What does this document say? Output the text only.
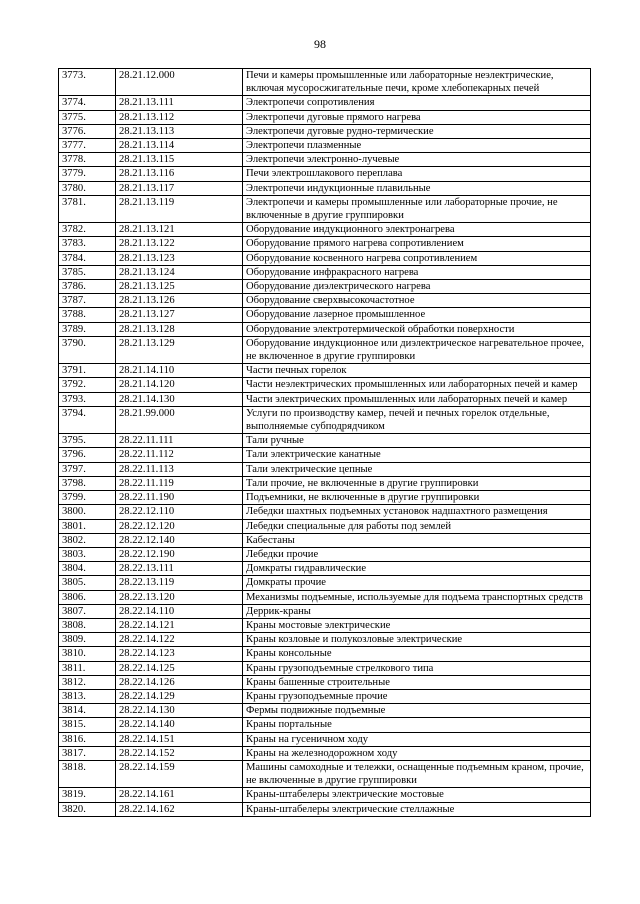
98
3773.	28.21.12.000	Печи и камеры промышленные или лабораторные неэлектрические, включая мусоросжигательные печи, кроме хлебопекарных печей
3774.	28.21.13.111	Электропечи сопротивления
3775.	28.21.13.112	Электропечи дуговые прямого нагрева
3776.	28.21.13.113	Электропечи дуговые рудно-термические
3777.	28.21.13.114	Электропечи плазменные
3778.	28.21.13.115	Электропечи электронно-лучевые
3779.	28.21.13.116	Печи электрошлакового переплава
3780.	28.21.13.117	Электропечи индукционные плавильные
3781.	28.21.13.119	Электропечи и камеры промышленные или лабораторные прочие, не включенные в другие группировки
3782.	28.21.13.121	Оборудование индукционного электронагрева
3783.	28.21.13.122	Оборудование прямого нагрева сопротивлением
3784.	28.21.13.123	Оборудование косвенного нагрева сопротивлением
3785.	28.21.13.124	Оборудование инфракрасного нагрева
3786.	28.21.13.125	Оборудование диэлектрического нагрева
3787.	28.21.13.126	Оборудование сверхвысокочастотное
3788.	28.21.13.127	Оборудование лазерное промышленное
3789.	28.21.13.128	Оборудование электротермической обработки поверхности
3790.	28.21.13.129	Оборудование индукционное или диэлектрическое нагревательное прочее, не включенное в другие группировки
3791.	28.21.14.110	Части печных горелок
3792.	28.21.14.120	Части неэлектрических промышленных или лабораторных печей и камер
3793.	28.21.14.130	Части электрических промышленных или лабораторных печей и камер
3794.	28.21.99.000	Услуги по производству камер, печей и печных горелок отдельные, выполняемые субподрядчиком
3795.	28.22.11.111	Тали ручные
3796.	28.22.11.112	Тали электрические канатные
3797.	28.22.11.113	Тали электрические цепные
3798.	28.22.11.119	Тали прочие, не включенные в другие группировки
3799.	28.22.11.190	Подъемники, не включенные в другие группировки
3800.	28.22.12.110	Лебедки шахтных подъемных установок надшахтного размещения
3801.	28.22.12.120	Лебедки специальные для работы под землей
3802.	28.22.12.140	Кабестаны
3803.	28.22.12.190	Лебедки прочие
3804.	28.22.13.111	Домкраты гидравлические
3805.	28.22.13.119	Домкраты прочие
3806.	28.22.13.120	Механизмы подъемные, используемые для подъема транспортных средств
3807.	28.22.14.110	Деррик-краны
3808.	28.22.14.121	Краны мостовые электрические
3809.	28.22.14.122	Краны козловые и полукозловые электрические
3810.	28.22.14.123	Краны консольные
3811.	28.22.14.125	Краны грузоподъемные стрелкового типа
3812.	28.22.14.126	Краны башенные строительные
3813.	28.22.14.129	Краны грузоподъемные прочие
3814.	28.22.14.130	Фермы подвижные подъемные
3815.	28.22.14.140	Краны портальные
3816.	28.22.14.151	Краны на гусеничном ходу
3817.	28.22.14.152	Краны на железнодорожном ходу
3818.	28.22.14.159	Машины самоходные и тележки, оснащенные подъемным краном, прочие, не включенные в другие группировки
3819.	28.22.14.161	Краны-штабелеры электрические мостовые
3820.	28.22.14.162	Краны-штабелеры электрические стеллажные
